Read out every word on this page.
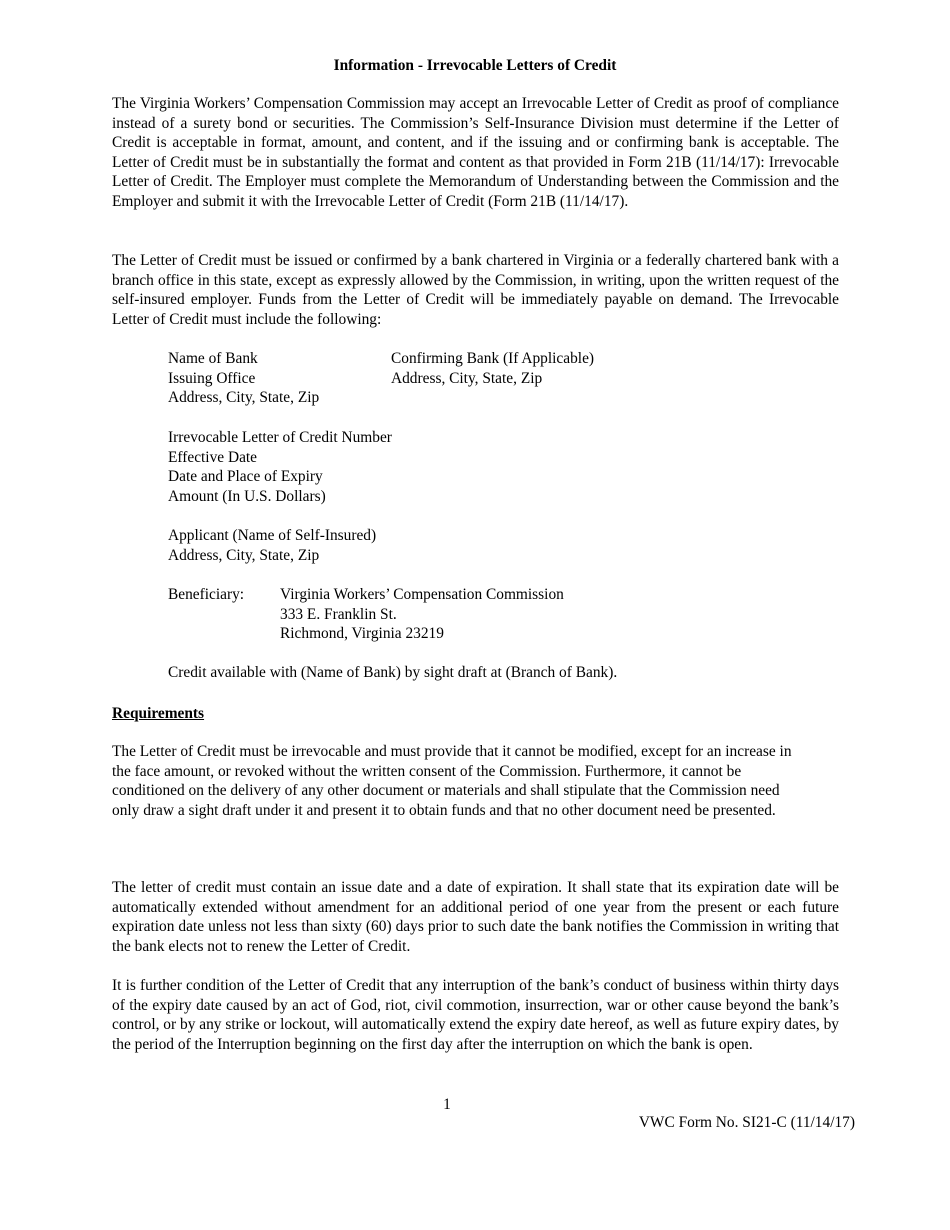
Information - Irrevocable Letters of Credit

The Virginia Workers’ Compensation Commission may accept an Irrevocable Letter of Credit as proof of compliance instead of a surety bond or securities. The Commission’s Self-Insurance Division must determine if the Letter of Credit is acceptable in format, amount, and content, and if the issuing and or confirming bank is acceptable. The Letter of Credit must be in substantially the format and content as that provided in Form 21B (11/14/17): Irrevocable Letter of Credit. The Employer must complete the Memorandum of Understanding between the Commission and the Employer and submit it with the Irrevocable Letter of Credit (Form 21B (11/14/17).

The Letter of Credit must be issued or confirmed by a bank chartered in Virginia or a federally chartered bank with a branch office in this state, except as expressly allowed by the Commission, in writing, upon the written request of the self-insured employer. Funds from the Letter of Credit will be immediately payable on demand. The Irrevocable Letter of Credit must include the following:

Name of Bank	Confirming Bank (If Applicable)
Issuing Office	Address, City, State, Zip
Address, City, State, Zip
Irrevocable Letter of Credit Number
Effective Date
Date and Place of Expiry
Amount (In U.S. Dollars)
Applicant (Name of Self-Insured)
Address, City, State, Zip
Beneficiary:	Virginia Workers’ Compensation Commission
333 E. Franklin St.
Richmond, Virginia 23219
Credit available with (Name of Bank) by sight draft at (Branch of Bank).
Requirements

The Letter of Credit must be irrevocable and must provide that it cannot be modified, except for an increase in the face amount, or revoked without the written consent of the Commission. Furthermore, it cannot be conditioned on the delivery of any other document or materials and shall stipulate that the Commission need only draw a sight draft under it and present it to obtain funds and that no other document need be presented.

The letter of credit must contain an issue date and a date of expiration. It shall state that its expiration date will be automatically extended without amendment for an additional period of one year from the present or each future expiration date unless not less than sixty (60) days prior to such date the bank notifies the Commission in writing that the bank elects not to renew the Letter of Credit.

It is further condition of the Letter of Credit that any interruption of the bank’s conduct of business within thirty days of the expiry date caused by an act of God, riot, civil commotion, insurrection, war or other cause beyond the bank’s control, or by any strike or lockout, will automatically extend the expiry date hereof, as well as future expiry dates, by the period of the Interruption beginning on the first day after the interruption on which the bank is open.

1
VWC Form No. SI21-C (11/14/17)
